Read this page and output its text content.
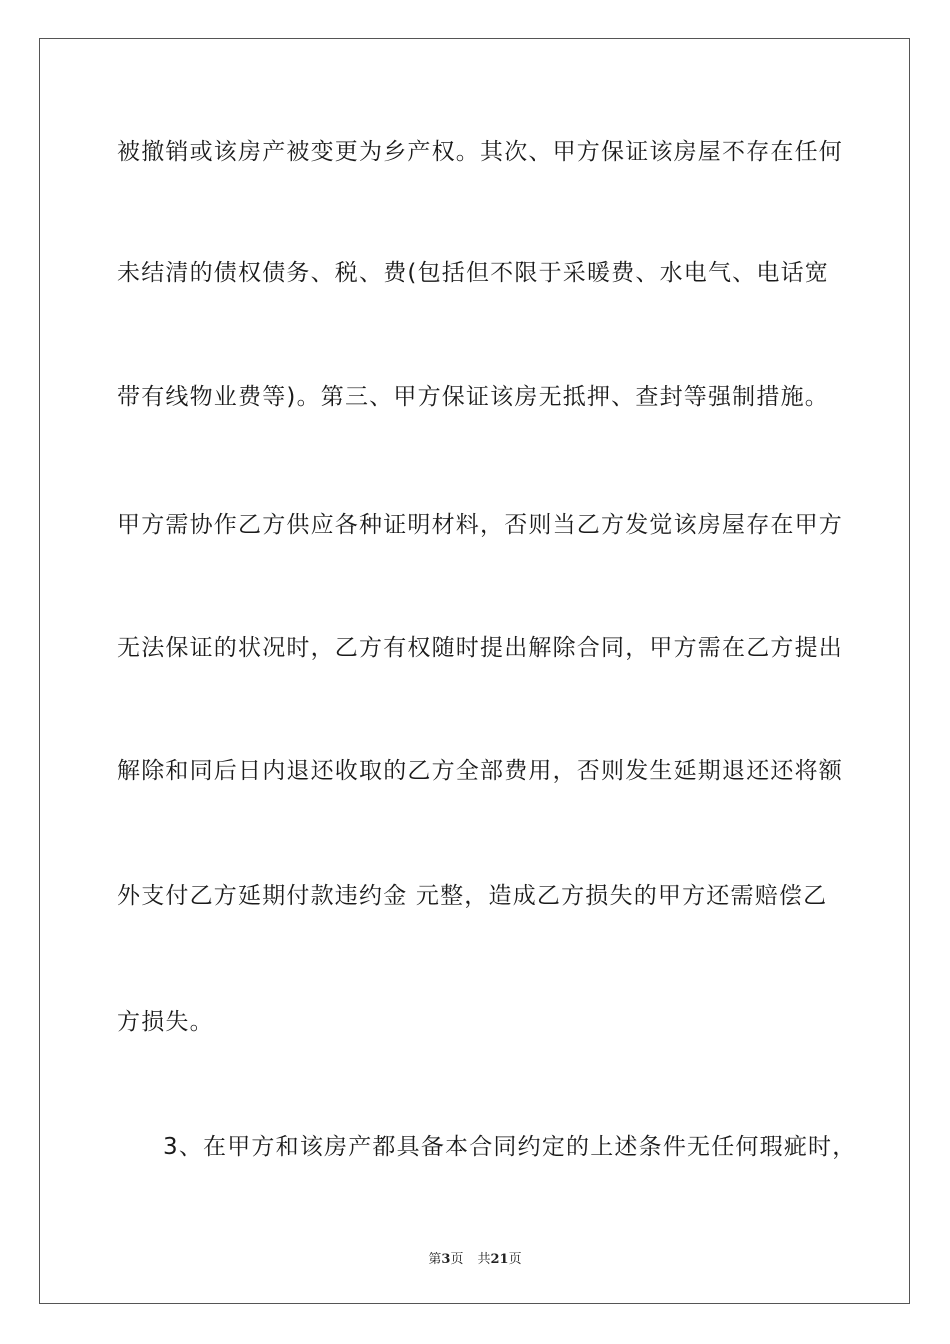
被撤销或该房产被变更为乡产权。其次、甲方保证该房屋不存在任何
未结清的债权债务、税、费(包括但不限于采暖费、水电气、电话宽
带有线物业费等)。第三、甲方保证该房无抵押、查封等强制措施。
甲方需协作乙方供应各种证明材料，否则当乙方发觉该房屋存在甲方
无法保证的状况时，乙方有权随时提出解除合同，甲方需在乙方提出
解除和同后日内退还收取的乙方全部费用，否则发生延期退还还将额
外支付乙方延期付款违约金 元整，造成乙方损失的甲方还需赔偿乙
方损失。
3、在甲方和该房产都具备本合同约定的上述条件无任何瑕疵时，
第3页 共21页
